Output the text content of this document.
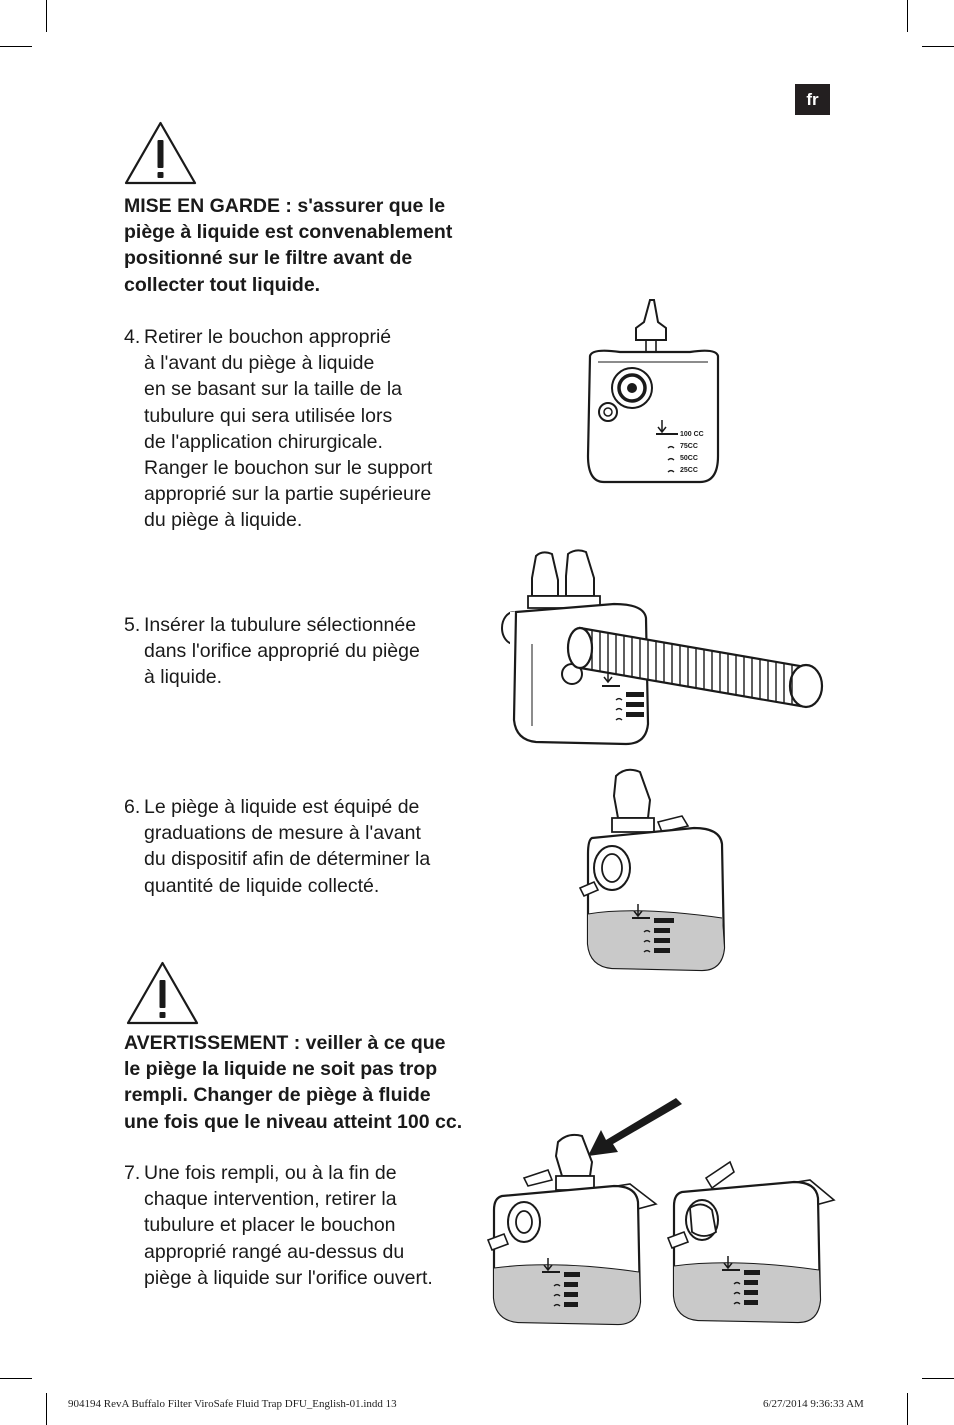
fr

MISE EN GARDE : s'assurer que le

piège à liquide est convenablement

positionné sur le filtre avant de

collecter tout liquide.

4. Retirer le bouchon approprié
à l'avant du piège à liquide
en se basant sur la taille de la
tubulure qui sera utilisée lors
de l'application chirurgicale.
Ranger le bouchon sur le support
approprié sur la partie supérieure
du piège à liquide.
5. Insérer la tubulure sélectionnée
dans l'orifice approprié du piège
à liquide.
6. Le piège à liquide est équipé de
graduations de mesure à l'avant
du dispositif afin de déterminer la
quantité de liquide collecté.

AVERTISSEMENT : veiller à ce que

le piège la liquide ne soit pas trop

rempli. Changer de piège à fluide

une fois que le niveau atteint 100 cc.

7. Une fois rempli, ou à la fin de
chaque intervention, retirer la
tubulure et placer le bouchon
approprié rangé au-dessus du
piège à liquide sur l'orifice ouvert.
100 CC
75CC
50CC
25CC
904194 RevA Buffalo Filter ViroSafe Fluid Trap DFU_English-01.indd 13	6/27/2014 9:36:33 AM
